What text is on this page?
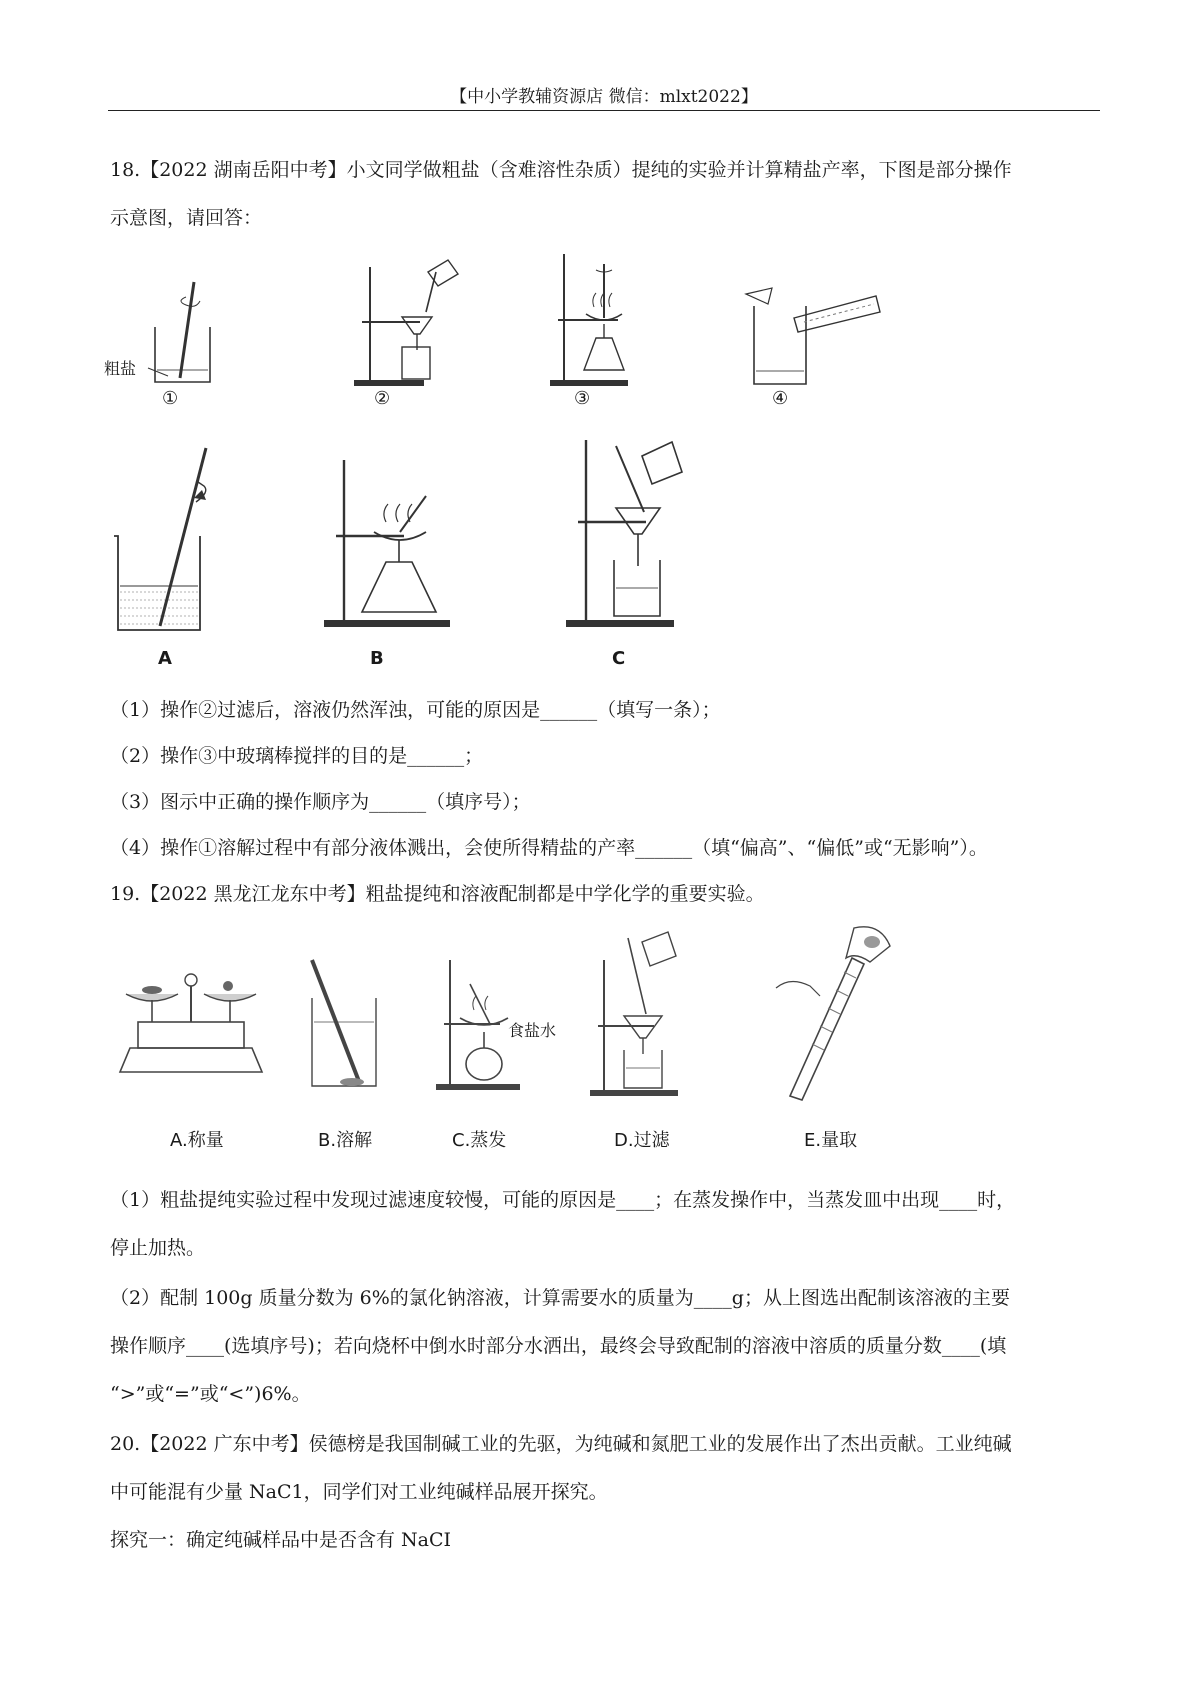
【中小学教辅资源店 微信：mlxt2022】
18.【2022 湖南岳阳中考】小文同学做粗盐（含难溶性杂质）提纯的实验并计算精盐产率，下图是部分操作
示意图，请回答：
粗盐
①	②	③	④
A	B	C
（1）操作②过滤后，溶液仍然浑浊，可能的原因是______（填写一条）；
（2）操作③中玻璃棒搅拌的目的是______；
（3）图示中正确的操作顺序为______（填序号）；
（4）操作①溶解过程中有部分液体溅出，会使所得精盐的产率______（填“偏高”、“偏低”或“无影响”）。
19.【2022 黑龙江龙东中考】粗盐提纯和溶液配制都是中学化学的重要实验。
A.称量	B.溶解
食盐水
C.蒸发	D.过滤	E.量取
（1）粗盐提纯实验过程中发现过滤速度较慢，可能的原因是____；在蒸发操作中，当蒸发皿中出现____时，
停止加热。
（2）配制 100g 质量分数为 6%的氯化钠溶液，计算需要水的质量为____g；从上图选出配制该溶液的主要
操作顺序____(选填序号)；若向烧杯中倒水时部分水洒出，最终会导致配制的溶液中溶质的质量分数____(填
“>”或“=”或“<”)6%。
20.【2022 广东中考】侯德榜是我国制碱工业的先驱，为纯碱和氮肥工业的发展作出了杰出贡献。工业纯碱
中可能混有少量 NaC1，同学们对工业纯碱样品展开探究。
探究一：确定纯碱样品中是否含有 NaCI
